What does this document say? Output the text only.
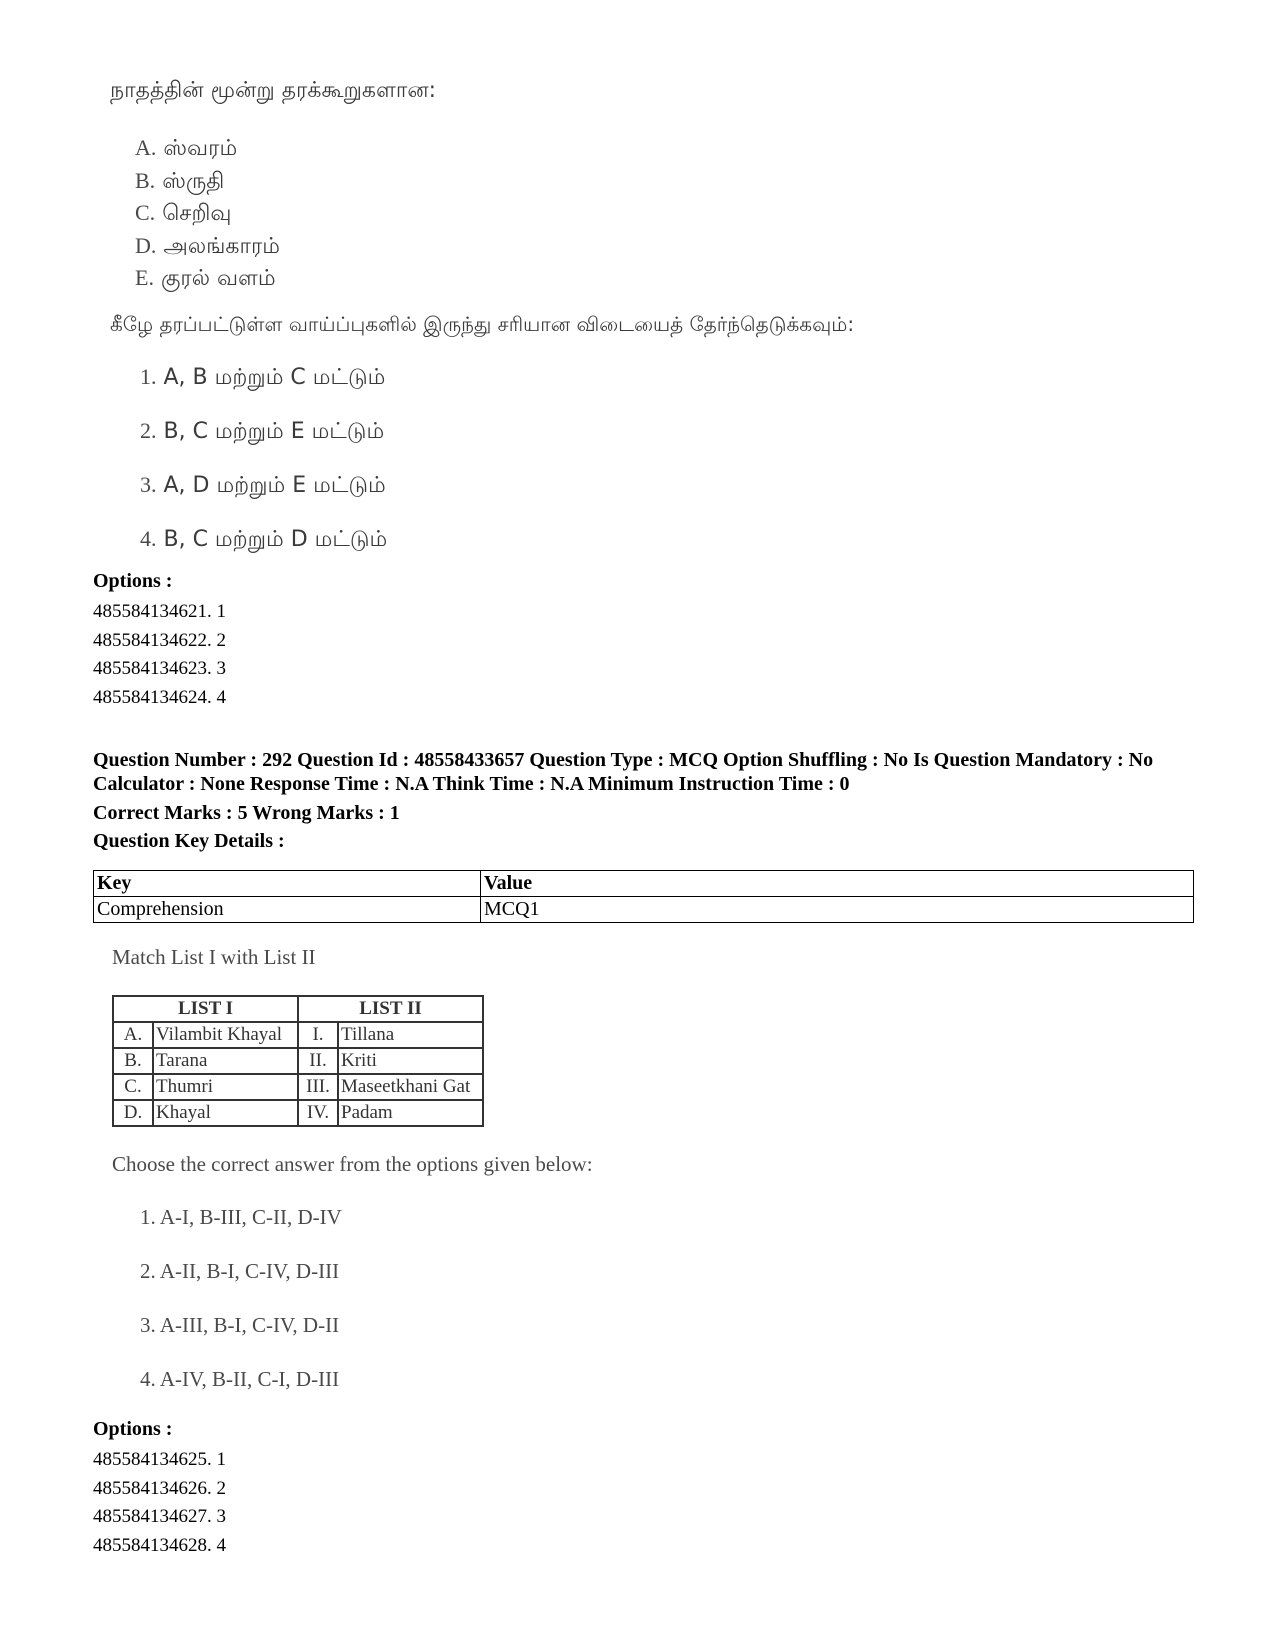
நாதத்தின் மூன்று தரக்கூறுகளான:
A. ஸ்வரம்
B. ஸ்ருதி
C. செறிவு
D. அலங்காரம்
E. குரல் வளம்
கீழே தரப்பட்டுள்ள வாய்ப்புகளில் இருந்து சரியான விடையைத் தேர்ந்தெடுக்கவும்:
1. A, B மற்றும் C மட்டும்
2. B, C மற்றும் E மட்டும்
3. A, D மற்றும் E மட்டும்
4. B, C மற்றும் D மட்டும்
Options :
485584134621. 1
485584134622. 2
485584134623. 3
485584134624. 4
Question Number : 292 Question Id : 48558433657 Question Type : MCQ Option Shuffling : No Is Question Mandatory : No Calculator : None Response Time : N.A Think Time : N.A Minimum Instruction Time : 0
Correct Marks : 5 Wrong Marks : 1
Question Key Details :
Key	Value
Comprehension	MCQ1
Match List I with List II
LIST I		LIST II	
A.	Vilambit Khayal	I.	Tillana
B.	Tarana	II.	Kriti
C.	Thumri	III.	Maseetkhani Gat
D.	Khayal	IV.	Padam
Choose the correct answer from the options given below:
1. A-I, B-III, C-II, D-IV
2. A-II, B-I, C-IV, D-III
3. A-III, B-I, C-IV, D-II
4. A-IV, B-II, C-I, D-III
Options :
485584134625. 1
485584134626. 2
485584134627. 3
485584134628. 4
